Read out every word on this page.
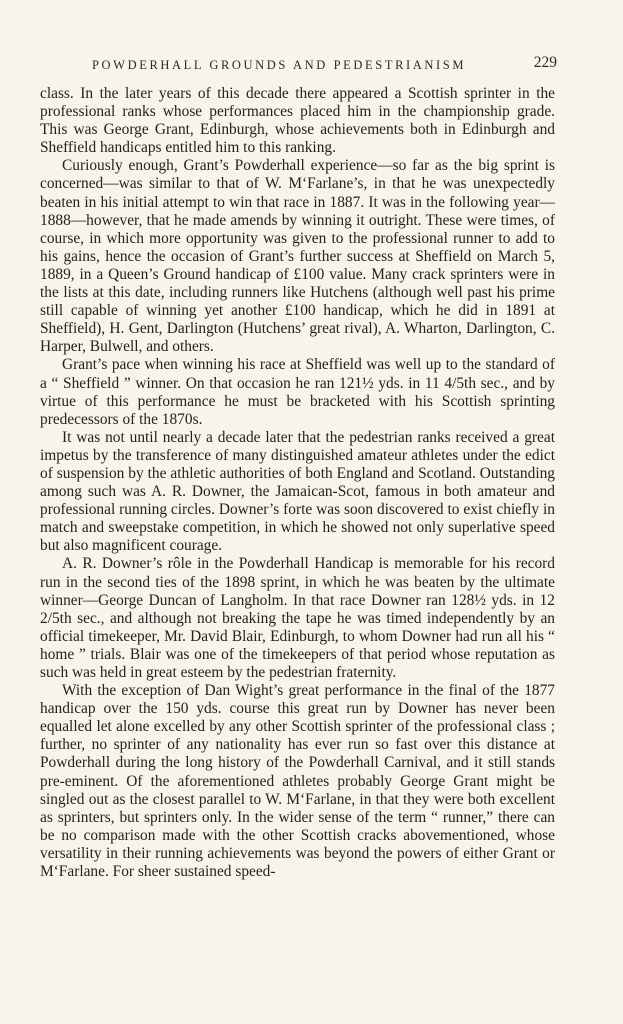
POWDERHALL GROUNDS AND PEDESTRIANISM	229

class. In the later years of this decade there appeared a Scottish sprinter in the professional ranks whose performances placed him in the championship grade. This was George Grant, Edinburgh, whose achievements both in Edinburgh and Sheffield handicaps entitled him to this ranking.

Curiously enough, Grant’s Powderhall experience—so far as the big sprint is concerned—was similar to that of W. M‘Farlane’s, in that he was unexpectedly beaten in his initial attempt to win that race in 1887. It was in the following year—1888—however, that he made amends by winning it outright. These were times, of course, in which more opportunity was given to the professional runner to add to his gains, hence the occasion of Grant’s further success at Sheffield on March 5, 1889, in a Queen’s Ground handicap of £100 value. Many crack sprinters were in the lists at this date, including runners like Hutchens (although well past his prime still capable of winning yet another £100 handicap, which he did in 1891 at Sheffield), H. Gent, Darlington (Hutchens’ great rival), A. Wharton, Darlington, C. Harper, Bulwell, and others.

Grant’s pace when winning his race at Sheffield was well up to the standard of a “ Sheffield ” winner. On that occasion he ran 121½ yds. in 11 4/5th sec., and by virtue of this performance he must be bracketed with his Scottish sprinting predecessors of the 1870s.

It was not until nearly a decade later that the pedestrian ranks received a great impetus by the transference of many distinguished amateur athletes under the edict of suspension by the athletic authorities of both England and Scotland. Outstanding among such was A. R. Downer, the Jamaican-Scot, famous in both amateur and professional running circles. Downer’s forte was soon discovered to exist chiefly in match and sweepstake competition, in which he showed not only superlative speed but also magnificent courage.

A. R. Downer’s rôle in the Powderhall Handicap is memorable for his record run in the second ties of the 1898 sprint, in which he was beaten by the ultimate winner—George Duncan of Langholm. In that race Downer ran 128½ yds. in 12 2/5th sec., and although not breaking the tape he was timed independently by an official timekeeper, Mr. David Blair, Edinburgh, to whom Downer had run all his “ home ” trials. Blair was one of the timekeepers of that period whose reputation as such was held in great esteem by the pedestrian fraternity.

With the exception of Dan Wight’s great performance in the final of the 1877 handicap over the 150 yds. course this great run by Downer has never been equalled let alone excelled by any other Scottish sprinter of the professional class ; further, no sprinter of any nationality has ever run so fast over this distance at Powderhall during the long history of the Powderhall Carnival, and it still stands pre-eminent. Of the aforementioned athletes probably George Grant might be singled out as the closest parallel to W. M‘Farlane, in that they were both excellent as sprinters, but sprinters only. In the wider sense of the term “ runner,” there can be no comparison made with the other Scottish cracks abovementioned, whose versatility in their running achievements was beyond the powers of either Grant or M‘Farlane. For sheer sustained speed-
